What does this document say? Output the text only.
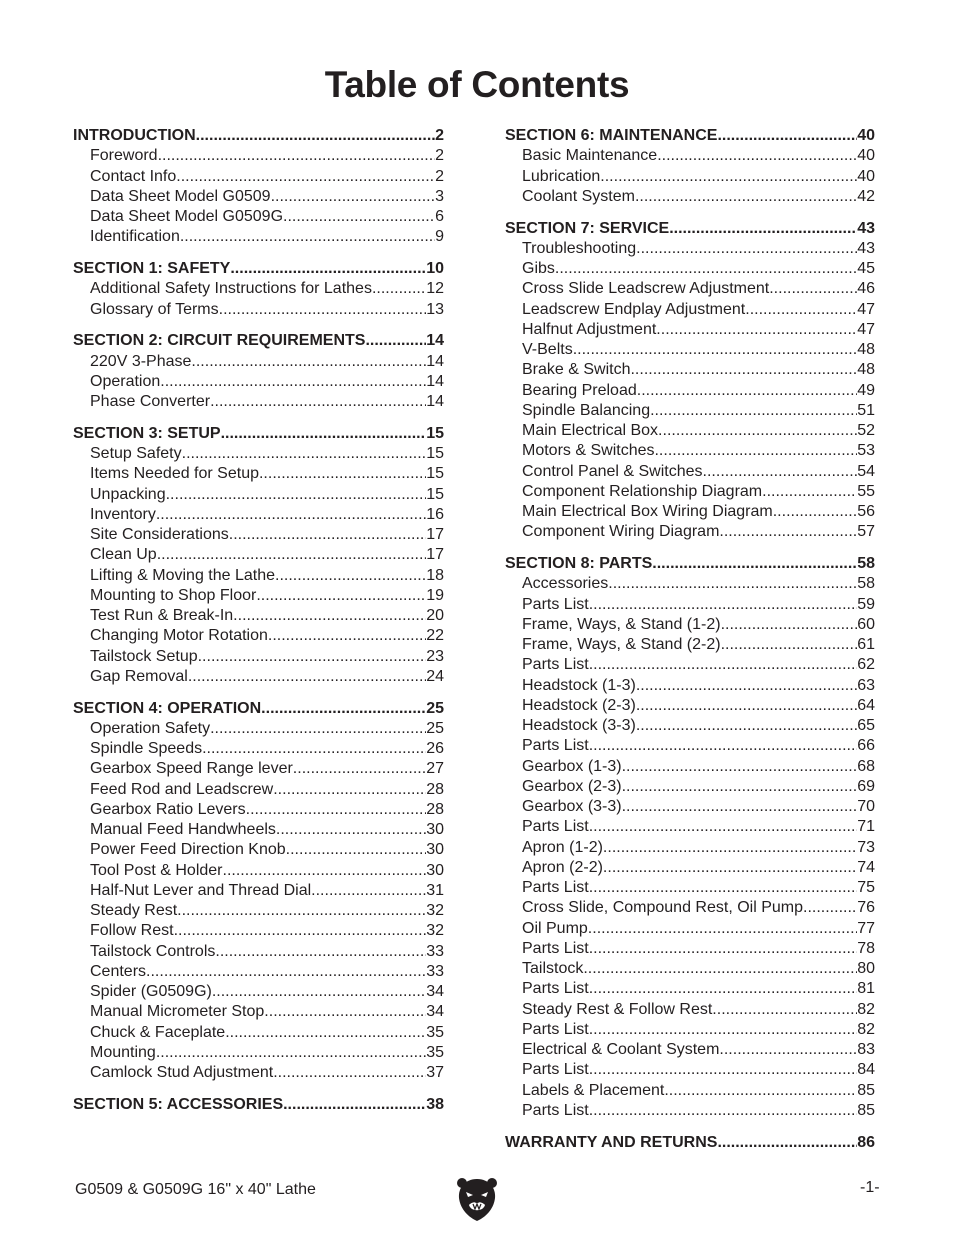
Table of Contents
INTRODUCTION .....	2
Foreword .....	2
Contact Info .....	2
Data Sheet Model G0509 .....	3
Data Sheet Model G0509G .....	6
Identification .....	9
SECTION 1: SAFETY .....	10
Additional Safety Instructions for Lathes .....	12
Glossary of Terms .....	13
SECTION 2: CIRCUIT REQUIREMENTS .....	14
220V 3-Phase .....	14
Operation .....	14
Phase Converter .....	14
SECTION 3: SETUP .....	15
Setup Safety .....	15
Items Needed for Setup .....	15
Unpacking .....	15
Inventory .....	16
Site Considerations .....	17
Clean Up .....	17
Lifting & Moving the Lathe .....	18
Mounting to Shop Floor .....	19
Test Run & Break-In .....	20
Changing Motor Rotation .....	22
Tailstock Setup .....	23
Gap Removal .....	24
SECTION 4: OPERATION .....	25
Operation Safety .....	25
Spindle Speeds .....	26
Gearbox Speed Range lever .....	27
Feed Rod and Leadscrew .....	28
Gearbox Ratio Levers .....	28
Manual Feed Handwheels .....	30
Power Feed Direction Knob .....	30
Tool Post & Holder .....	30
Half-Nut Lever and Thread Dial .....	31
Steady Rest .....	32
Follow Rest .....	32
Tailstock Controls .....	33
Centers .....	33
Spider (G0509G) .....	34
Manual Micrometer Stop .....	34
Chuck & Faceplate .....	35
Mounting .....	35
Camlock Stud Adjustment .....	37
SECTION 5: ACCESSORIES .....	38
SECTION 6: MAINTENANCE .....	40
Basic Maintenance .....	40
Lubrication .....	40
Coolant System .....	42
SECTION 7: SERVICE .....	43
Troubleshooting .....	43
Gibs .....	45
Cross Slide Leadscrew Adjustment .....	46
Leadscrew Endplay Adjustment .....	47
Halfnut Adjustment .....	47
V-Belts .....	48
Brake & Switch .....	48
Bearing Preload .....	49
Spindle Balancing .....	51
Main Electrical Box .....	52
Motors & Switches .....	53
Control Panel & Switches .....	54
Component Relationship Diagram .....	55
Main Electrical Box Wiring Diagram .....	56
Component Wiring Diagram .....	57
SECTION 8: PARTS .....	58
Accessories .....	58
Parts List .....	59
Frame, Ways, & Stand (1-2) .....	60
Frame, Ways, & Stand (2-2) .....	61
Parts List .....	62
Headstock (1-3) .....	63
Headstock (2-3) .....	64
Headstock (3-3) .....	65
Parts List .....	66
Gearbox (1-3) .....	68
Gearbox (2-3) .....	69
Gearbox (3-3) .....	70
Parts List .....	71
Apron (1-2) .....	73
Apron (2-2) .....	74
Parts List .....	75
Cross Slide, Compound Rest, Oil Pump .....	76
Oil Pump .....	77
Parts List .....	78
Tailstock .....	80
Parts List .....	81
Steady Rest & Follow Rest .....	82
Parts List .....	82
Electrical & Coolant System .....	83
Parts List .....	84
Labels & Placement .....	85
Parts List .....	85
WARRANTY AND RETURNS .....	86
G0509 & G0509G 16" x 40" Lathe	-1-
